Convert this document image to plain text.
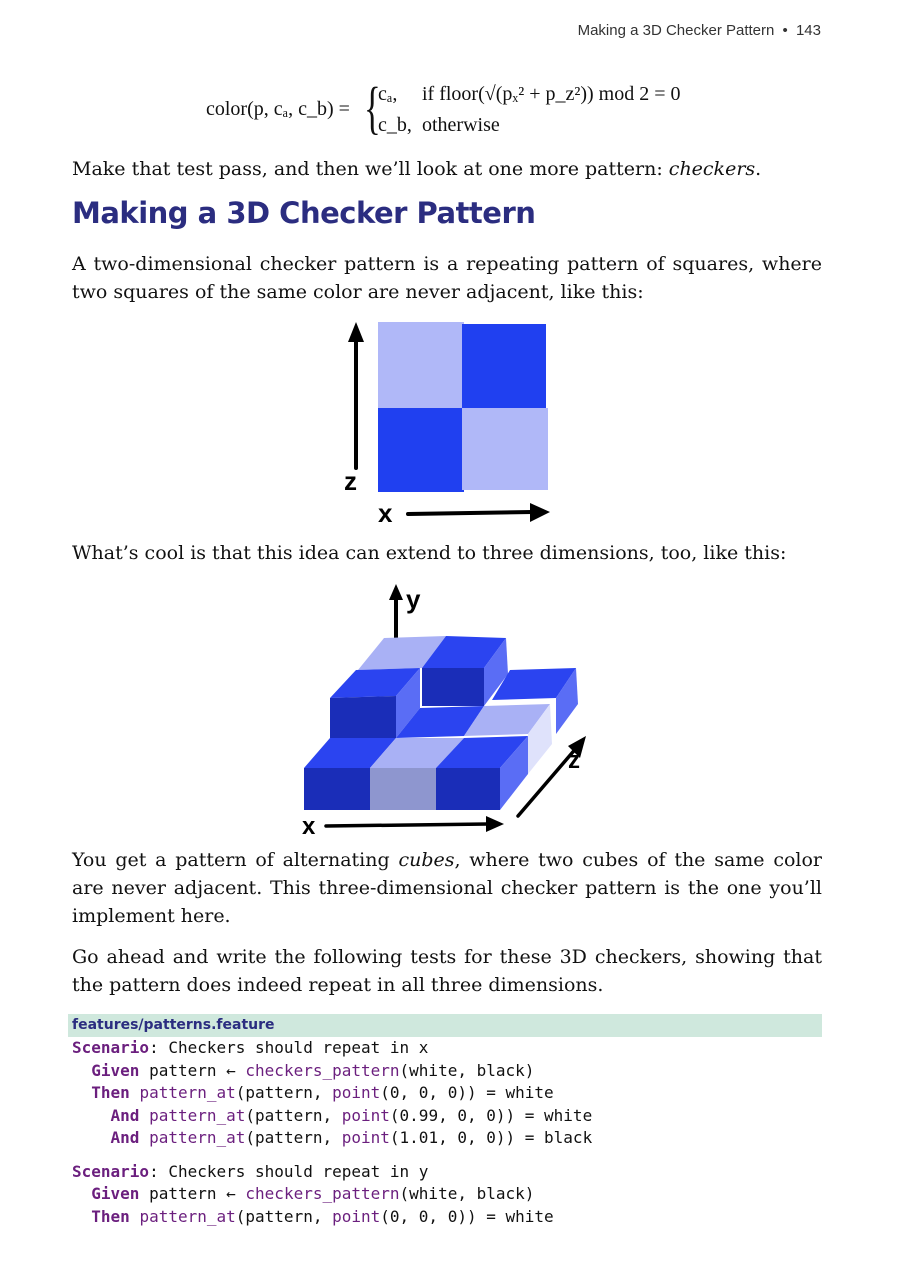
Making a 3D Checker Pattern • 143
color(p, cₐ, c_b) = {
cₐ, if floor(√(pₓ² + p_z²)) mod 2 = 0
c_b, otherwise

Make that test pass, and then we’ll look at one more pattern: checkers.

Making a 3D Checker Pattern

A two-dimensional checker pattern is a repeating pattern of squares, where two squares of the same color are never adjacent, like this:

z
x

What’s cool is that this idea can extend to three dimensions, too, like this:

y
x
z

You get a pattern of alternating cubes, where two cubes of the same color are never adjacent. This three-dimensional checker pattern is the one you’ll implement here.

Go ahead and write the following tests for these 3D checkers, showing that the pattern does indeed repeat in all three dimensions.

features/patterns.feature
Scenario: Checkers should repeat in x
Given pattern ← checkers_pattern(white, black)
Then pattern_at(pattern, point(0, 0, 0)) = white
And pattern_at(pattern, point(0.99, 0, 0)) = white
And pattern_at(pattern, point(1.01, 0, 0)) = black
Scenario: Checkers should repeat in y
Given pattern ← checkers_pattern(white, black)
Then pattern_at(pattern, point(0, 0, 0)) = white
